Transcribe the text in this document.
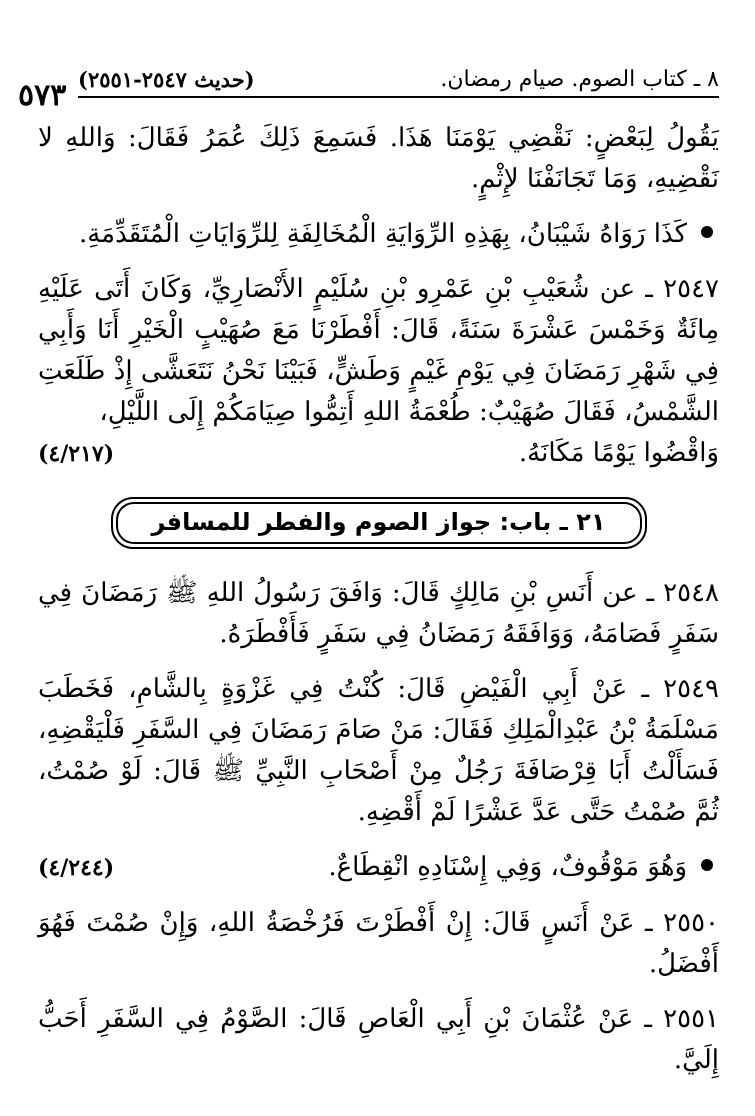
٥٧٣	٨ ـ كتاب الصوم. صيام رمضان.
(حديث ٢٥٤٧-٢٥٥١)

يَقُولُ لِبَعْضٍ: نَقْضِي يَوْمَنَا هَذَا. فَسَمِعَ ذَلِكَ عُمَرُ فَقَالَ: وَاللهِ لا نَقْضِيهِ، وَمَا تَجَانَفْنَا لإِثْمٍ.

كَذَا رَوَاهُ شَيْبَانُ، بِهَذِهِ الرِّوَايَةِ الْمُخَالِفَةِ لِلرِّوَايَاتِ الْمُتَقَدِّمَةِ.

٢٥٤٧ ـ عن شُعَيْبِ بْنِ عَمْرِو بْنِ سُلَيْمٍ الأَنْصَارِيِّ، وَكَانَ أَتَى عَلَيْهِ مِائَةٌ وَخَمْسَ عَشْرَةَ سَنَةً، قَالَ: أَفْطَرْنَا مَعَ صُهَيْبٍ الْخَيْرِ أَنَا وَأَبِي فِي شَهْرِ رَمَضَانَ فِي يَوْمِ غَيْمٍ وَطَشٍّ، فَبَيْنَا نَحْنُ نَتَعَشَّى إِذْ طَلَعَتِ الشَّمْسُ، فَقَالَ صُهَيْبٌ: طُعْمَةُ اللهِ أَتِمُّوا صِيَامَكُمْ إِلَى اللَّيْلِ،

وَاقْضُوا يَوْمًا مَكَانَهُ.
(٤/٢١٧)
٢١ ـ باب: جواز الصوم والفطر للمسافر

٢٥٤٨ ـ عن أَنَسِ بْنِ مَالِكٍ قَالَ: وَافَقَ رَسُولُ اللهِ ﷺ رَمَضَانَ فِي سَفَرٍ فَصَامَهُ، وَوَافَقَهُ رَمَضَانُ فِي سَفَرٍ فَأَفْطَرَهُ.

٢٥٤٩ ـ عَنْ أَبِي الْفَيْضِ قَالَ: كُنْتُ فِي غَزْوَةٍ بِالشَّامِ، فَخَطَبَ مَسْلَمَةُ بْنُ عَبْدِالْمَلِكِ فَقَالَ: مَنْ صَامَ رَمَضَانَ فِي السَّفَرِ فَلْيَقْضِهِ، فَسَأَلْتُ أَبَا قِرْصَافَةَ رَجُلٌ مِنْ أَصْحَابِ النَّبِيِّ ﷺ قَالَ: لَوْ صُمْتُ، ثُمَّ صُمْتُ حَتَّى عَدَّ عَشْرًا لَمْ أَقْضِهِ.

وَهُوَ مَوْقُوفٌ، وَفِي إِسْنَادِهِ انْقِطَاعٌ.
(٤/٢٤٤)

٢٥٥٠ ـ عَنْ أَنَسٍ قَالَ: إِنْ أَفْطَرْتَ فَرُخْصَةُ اللهِ، وَإِنْ صُمْتَ فَهُوَ أَفْضَلُ.

٢٥٥١ ـ عَنْ عُثْمَانَ بْنِ أَبِي الْعَاصِ قَالَ: الصَّوْمُ فِي السَّفَرِ أَحَبُّ إِلَيَّ.
